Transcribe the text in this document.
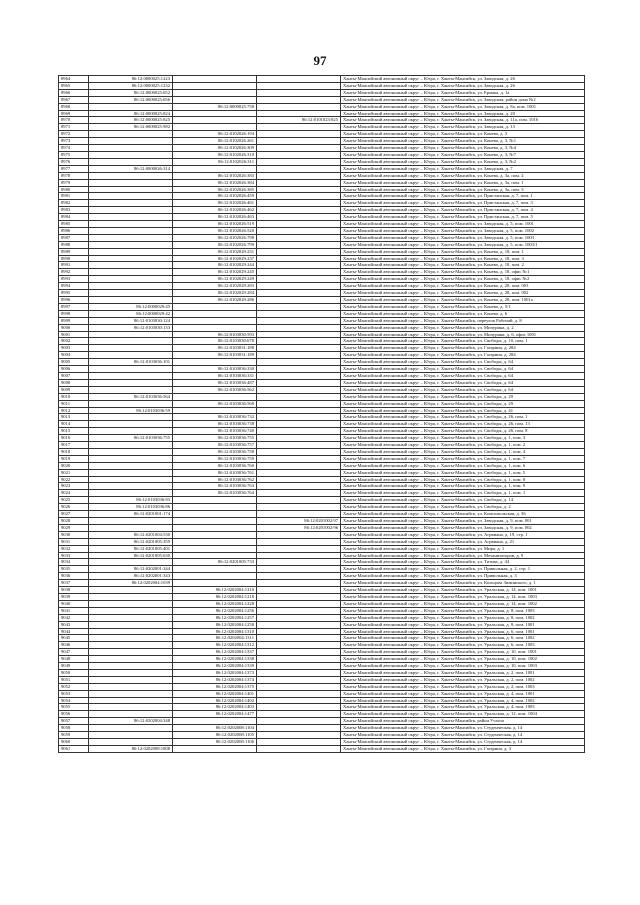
97
8964	86:12:0000025:1223			Ханты-Мансийский автономный округ – Югра, г. Ханты-Мансийск, ул. Заводская, д. 26
8965	86:12:0000025:1232			Ханты-Мансийский автономный округ – Югра, г. Ханты-Мансийск, ул. Заводская, д. 26
8966	86:12:0000025:652			Ханты-Мансийский автономный округ – Югра, г. Ханты-Мансийск, ул. Ермака, д. 1а
8967	86:12:0000025:656			Ханты-Мансийский автономный округ – Югра, г. Ханты-Мансийск, ул. Заводская, район дома №2
8968		86:12:0000025:758		Ханты-Мансийский автономный округ – Югра, г. Ханты-Мансийск, ул. Заводская, д. 8а, пом. 1001
8969	86:12:0000025:824			Ханты-Мансийский автономный округ – Югра, г. Ханты-Мансийск, ул. Заводская, д. 20
8970	86:12:0000025:825		86:12:0101023:825	Ханты-Мансийский автономный округ – Югра, г. Ханты-Мансийск, ул. Заводская, д. 11а, пом. 1016
8971	86:12:0000025:982			Ханты-Мансийский автономный округ – Югра, г. Ханты-Мансийск, ул. Заводская, д. 13
8972		86:12:0102026:194		Ханты-Мансийский автономный округ – Югра, г. Ханты-Мансийск, ул. Конева, д. 3
8973		86:12:0102026:261		Ханты-Мансийский автономный округ – Югра, г. Ханты-Мансийск, ул. Конева, д. 3, №1
8974		86:12:0102026:309		Ханты-Мансийский автономный округ – Югра, г. Ханты-Мансийск, ул. Конева, д. 3, №4
8975		86:12:0102026:310		Ханты-Мансийский автономный округ – Югра, г. Ханты-Мансийск, ул. Конева, д. 3, №7
8976		86:12:0102026:311		Ханты-Мансийский автономный округ – Югра, г. Ханты-Мансийск, ул. Конева, д. 3, №2
8977	86:12:0000026:314			Ханты-Мансийский автономный округ – Югра, г. Ханты-Мансийск, ул. Заводская, д. 7
8978		86:12:0102026:383		Ханты-Мансийский автономный округ – Югра, г. Ханты-Мансийск, ул. Конева, д. 3а, пом. 2
8979		86:12:0102026:384		Ханты-Мансийский автономный округ – Югра, г. Ханты-Мансийск, ул. Конева, д. 3а, пом. 1
8980		86:12:0102026:385		Ханты-Мансийский автономный округ – Югра, г. Ханты-Мансийск, ул. Конева, д. 3а, пом. 3
8981		86:12:0102026:459		Ханты-Мансийский автономный округ – Югра, г. Ханты-Мансийск, ул. Пристанская, д. 7, пом. 1
8982		86:12:0102026:461		Ханты-Мансийский автономный округ – Югра, г. Ханты-Мансийск, ул. Пристанская, д. 7, пом. 3
8983		86:12:0102026:462		Ханты-Мансийский автономный округ – Югра, г. Ханты-Мансийск, ул. Пристанская, д. 7, пом. 4
8984		86:12:0102026:463		Ханты-Мансийский автономный округ – Югра, г. Ханты-Мансийск, ул. Пристанская, д. 7, пом. 5
8985		86:12:0102026:519		Ханты-Мансийский автономный округ – Югра, г. Ханты-Мансийск, ул. Заводская, д. 5, пом. 1001
8986		86:12:0102026:520		Ханты-Мансийский автономный округ – Югра, г. Ханты-Мансийск, ул. Заводская, д. 5, пом. 1002
8987		86:12:0102026:798		Ханты-Мансийский автономный округ – Югра, г. Ханты-Мансийск, ул. Заводская, д. 5, пом. 1003
8988		86:12:0102026:799		Ханты-Мансийский автономный округ – Югра, г. Ханты-Мансийск, ул. Заводская, д. 5, пом. 1003/1
8989		86:12:0102029:231		Ханты-Мансийский автономный округ – Югра, г. Ханты-Мансийск, ул. Конева, д. 18, пом. 1
8990		86:12:0102029:237		Ханты-Мансийский автономный округ – Югра, г. Ханты-Мансийск, ул. Конева, д. 18, пом. 3
8991		86:12:0102029:244		Ханты-Мансийский автономный округ – Югра, г. Ханты-Мансийск, ул. Конева, д. 18, пом. 2
8992		86:12:0102029:245		Ханты-Мансийский автономный округ – Югра, г. Ханты-Мансийск, ул. Конева, д. 18, офис №1
8993		86:12:0102029:249		Ханты-Мансийский автономный округ – Югра, г. Ханты-Мансийск, ул. Конева, д. 18, офис №2
8994		86:12:0102029:283		Ханты-Мансийский автономный округ – Югра, г. Ханты-Мансийск, ул. Конева, д. 28, пом. 003
8995		86:12:0102029:284		Ханты-Мансийский автономный округ – Югра, г. Ханты-Мансийск, ул. Конева, д. 28, пом. 002
8996		86:12:0102029:286		Ханты-Мансийский автономный округ – Югра, г. Ханты-Мансийск, ул. Конева, д. 28, пом. 1001а
8997	86:12:0000029:45			Ханты-Мансийский автономный округ – Югра, г. Ханты-Мансийск, ул. Конева, д. 5/1
8998	86:12:0000029:42			Ханты-Мансийский автономный округ – Югра, г. Ханты-Мансийск, ул. Конева, д. 6
8999	86:12:0103030:124			Ханты-Мансийский автономный округ – Югра, г. Ханты-Мансийск, переулок Рабочий, д. 8
9000	86:12:0103030:133			Ханты-Мансийский автономный округ – Югра, г. Ханты-Мансийск, ул. Мичурина, д. 2
9001		86:12:0103030:593		Ханты-Мансийский автономный округ – Югра, г. Ханты-Мансийск, ул. Мичурина, д. 6, офис 1001
9002		86:12:0103030:678		Ханты-Мансийский автономный округ – Югра, г. Ханты-Мансийск, ул. Свободы, д. 1б, пом. 1
9003		86:12:0103031:188		Ханты-Мансийский автономный округ – Югра, г. Ханты-Мансийск, ул. Гагарина, д. 284
9004		86:12:0103031:189		Ханты-Мансийский автономный округ – Югра, г. Ханты-Мансийск, ул. Гагарина, д. 284
9005	86:12:0103036:101			Ханты-Мансийский автономный округ – Югра, г. Ханты-Мансийск, ул. Свободы, д. 64
9006		86:12:0103036:330		Ханты-Мансийский автономный округ – Югра, г. Ханты-Мансийск, ул. Свободы, д. 64
9007		86:12:0103036:331		Ханты-Мансийский автономный округ – Югра, г. Ханты-Мансийск, ул. Свободы, д. 64
9008		86:12:0103036:487		Ханты-Мансийский автономный округ – Югра, г. Ханты-Мансийск, ул. Свободы, д. 64
9009		86:12:0103036:562		Ханты-Мансийский автономный округ – Югра, г. Ханты-Мансийск, ул. Свободы, д. 64
9010	86:12:0103036:564			Ханты-Мансийский автономный округ – Югра, г. Ханты-Мансийск, ул. Свободы, д. 29
9011		86:12:0103036:568		Ханты-Мансийский автономный округ – Югра, г. Ханты-Мансийск, ул. Свободы, д. 29
9012	86:12:0103036:59			Ханты-Мансийский автономный округ – Югра, г. Ханты-Мансийск, ул. Свободы, д. 41
9013		86:12:0103036:732		Ханты-Мансийский автономный округ – Югра, г. Ханты-Мансийск, ул. Свободы, д. 26, пом. 1
9014		86:12:0103036:738		Ханты-Мансийский автономный округ – Югра, г. Ханты-Мансийск, ул. Свободы, д. 26, пом. 13
9015		86:12:0103036:740		Ханты-Мансийский автономный округ – Югра, г. Ханты-Мансийск, ул. Свободы, д. 26, пом. 8
9016	86:12:0103036:755	86:12:0103036:755		Ханты-Мансийский автономный округ – Югра, г. Ханты-Мансийск, ул. Свободы, д. 1, пом. 3
9017		86:12:0103036:757		Ханты-Мансийский автономный округ – Югра, г. Ханты-Мансийск, ул. Свободы, д. 1, пом. 2
9018		86:12:0103036:758		Ханты-Мансийский автономный округ – Югра, г. Ханты-Мансийск, ул. Свободы, д. 1, пом. 4
9019		86:12:0103036:759		Ханты-Мансийский автономный округ – Югра, г. Ханты-Мансийск, ул. Свободы, д. 1, пом. 7
9020		86:12:0103036:760		Ханты-Мансийский автономный округ – Югра, г. Ханты-Мансийск, ул. Свободы, д. 1, пом. 6
9021		86:12:0103036:761		Ханты-Мансийский автономный округ – Югра, г. Ханты-Мансийск, ул. Свободы, д. 1, пом. 5
9022		86:12:0103036:762		Ханты-Мансийский автономный округ – Югра, г. Ханты-Мансийск, ул. Свободы, д. 1, пом. 8
9023		86:12:0103036:763		Ханты-Мансийский автономный округ – Югра, г. Ханты-Мансийск, ул. Свободы, д. 1, пом. 9
9024		86:12:0103036:764		Ханты-Мансийский автономный округ – Югра, г. Ханты-Мансийск, ул. Свободы, д. 1, пом. 1
9025	86:12:0103036:83			Ханты-Мансийский автономный округ – Югра, г. Ханты-Мансийск, ул. Свободы, д. 14
9026	86:12:0103036:86			Ханты-Мансийский автономный округ – Югра, г. Ханты-Мансийск, ул. Свободы, д. 2
9027	86:12:0201001:174			Ханты-Мансийский автономный округ – Югра, г. Ханты-Мансийск, ул. Комсомольская, д. 36
9028			86:12:0201002:97	Ханты-Мансийский автономный округ – Югра, г. Ханты-Мансийск, ул. Заводская, д. 9, пом. 001
9029			86:12:0201002:96	Ханты-Мансийский автономный округ – Югра, г. Ханты-Мансийск, ул. Заводская, д. 9, пом. 002
9030	86:12:0201004:530			Ханты-Мансийский автономный округ – Югра, г. Ханты-Мансийск, ул. Агрвиана, д. 19, стр. 1
9031	86:12:0201005:359			Ханты-Мансийский автономный округ – Югра, г. Ханты-Мансийск, ул. Агрвиана, д. 21
9032	86:12:0201005:401			Ханты-Мансийский автономный округ – Югра, г. Ханты-Мансийск, ул. Мира, д. 1
9033	86:12:0201005:630			Ханты-Мансийский автономный округ – Югра, г. Ханты-Мансийск, ул. Механизаторов, д. 9
9034		86:12:0201005:733		Ханты-Мансийский автономный округ – Югра, г. Ханты-Мансийск, ул. Титова, д. 44
9035	86:12:0202001:344			Ханты-Мансийский автономный округ – Югра, г. Ханты-Мансийск, ул. Привольная, д. 2, стр. 1
9036	86:12:0202001:343			Ханты-Мансийский автономный округ – Югра, г. Ханты-Мансийск, ул. Привольная, д. 3
9037	86:12:0202004:1039			Ханты-Мансийский автономный округ – Югра, г. Ханты-Мансийск, ул. Кольцова Зиминского, д. 1
9038		86:12:0202004:1210		Ханты-Мансийский автономный округ – Югра, г. Ханты-Мансийск, ул. Уральская, д. 14, пом. 1001
9039		86:12:0202004:1218		Ханты-Мансийский автономный округ – Югра, г. Ханты-Мансийск, ул. Уральская, д. 14, пом. 1003
9040		86:12:0202004:1228		Ханты-Мансийский автономный округ – Югра, г. Ханты-Мансийск, ул. Уральская, д. 14, пом. 1002
9041		86:12:0202004:1256		Ханты-Мансийский автономный округ – Югра, г. Ханты-Мансийск, ул. Уральская, д. 8, пом. 1003
9042		86:12:0202004:1257		Ханты-Мансийский автономный округ – Югра, г. Ханты-Мансийск, ул. Уральская, д. 8, пом. 1002
9043		86:12:0202004:1258		Ханты-Мансийский автономный округ – Югра, г. Ханты-Мансийск, ул. Уральская, д. 8, пом. 1001
9044		86:12:0202004:1310		Ханты-Мансийский автономный округ – Югра, г. Ханты-Мансийск, ул. Уральская, д. 6, пом. 1001
9045		86:12:0202004:1311		Ханты-Мансийский автономный округ – Югра, г. Ханты-Мансийск, ул. Уральская, д. 6, пом. 1002
9046		86:12:0202004:1312		Ханты-Мансийский автономный округ – Югра, г. Ханты-Мансийск, ул. Уральская, д. 6, пом. 1003
9047		86:12:0202004:1337		Ханты-Мансийский автономный округ – Югра, г. Ханты-Мансийск, ул. Уральская, д. 10, пом. 1001
9048		86:12:0202004:1338		Ханты-Мансийский автономный округ – Югра, г. Ханты-Мансийск, ул. Уральская, д. 10, пом. 1002
9049		86:12:0202004:1339		Ханты-Мансийский автономный округ – Югра, г. Ханты-Мансийск, ул. Уральская, д. 10, пом. 1003
9050		86:12:0202004:1373		Ханты-Мансийский автономный округ – Югра, г. Ханты-Мансийск, ул. Уральская, д. 2, пом. 1001
9051		86:12:0202004:1374		Ханты-Мансийский автономный округ – Югра, г. Ханты-Мансийск, ул. Уральская, д. 2, пом. 1002
9052		86:12:0202004:1375		Ханты-Мансийский автономный округ – Югра, г. Ханты-Мансийск, ул. Уральская, д. 2, пом. 1003
9053		86:12:0202004:1401		Ханты-Мансийский автономный округ – Югра, г. Ханты-Мансийск, ул. Уральская, д. 4, пом. 1001
9054		86:12:0202004:1402		Ханты-Мансийский автономный округ – Югра, г. Ханты-Мансийск, ул. Уральская, д. 4, пом. 1002
9055		86:12:0202004:1403		Ханты-Мансийский автономный округ – Югра, г. Ханты-Мансийск, ул. Уральская, д. 4, пом. 1003
9056		86:12:0202004:1477		Ханты-Мансийский автономный округ – Югра, г. Ханты-Мансийск, ул. Уральская, д. 12, пом. 1004
9057	86:12:0202004:348			Ханты-Мансийский автономный округ – Югра, г. Ханты-Мансийск, район Учхоза
9058		86:12:0202008:1104		Ханты-Мансийский автономный округ – Югра, г. Ханты-Мансийск, ул. Студенческая, д. 14
9059		86:12:0202008:1105		Ханты-Мансийский автономный округ – Югра, г. Ханты-Мансийск, ул. Студенческая, д. 14
9060		86:12:0202008:1106		Ханты-Мансийский автономный округ – Югра, г. Ханты-Мансийск, ул. Студенческая, д. 14
9061	86:12:0202008:1808			Ханты-Мансийский автономный округ – Югра, г. Ханты-Мансийск, ул. Гагарина, д. 3
